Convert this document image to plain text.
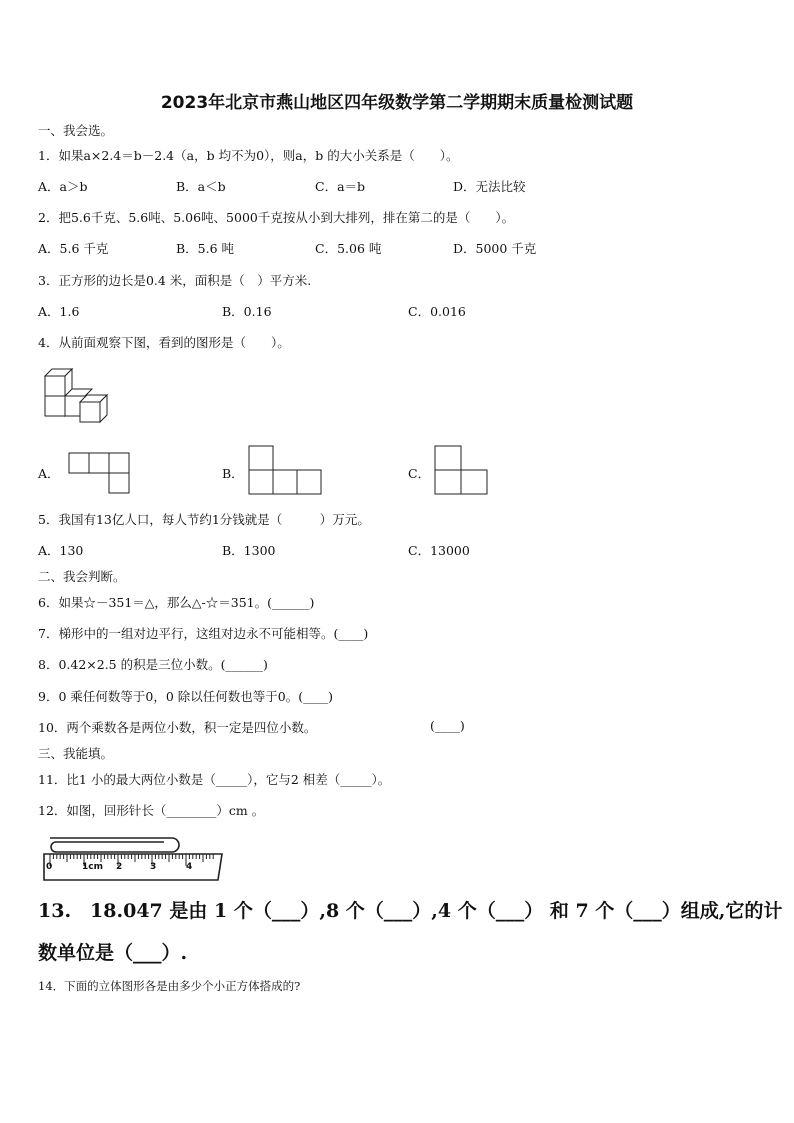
2023年北京市燕山地区四年级数学第二学期期末质量检测试题
一、我会选。
1．如果a×2.4＝b－2.4（a，b 均不为0），则a，b 的大小关系是（　　）。
A．a＞b	B．a＜b	C．a＝b	D．无法比较
2．把5.6千克、5.6吨、5.06吨、5000千克按从小到大排列，排在第二的是（　　）。
A．5.6 千克	B．5.6 吨	C．5.06 吨	D．5000 千克
3．正方形的边长是0.4 米，面积是（　）平方米.
A．1.6	B．0.16	C．0.016
4．从前面观察下图，看到的图形是（　　）。
A．	B．	C．
5．我国有13亿人口，每人节约1分钱就是（　　　）万元。
A．130	B．1300	C．13000
二、我会判断。
6．如果☆－351＝△，那么△-☆＝351。(______)
7．梯形中的一组对边平行，这组对边永不可能相等。(____)
8．0.42×2.5 的积是三位小数。(______)
9．0 乘任何数等于0，0 除以任何数也等于0。(____)
10．两个乘数各是两位小数，积一定是四位小数。	(____)
三、我能填。
11．比1 小的最大两位小数是（_____），它与2 相差（_____）。
12．如图，回形针长（________）cm 。
0	1cm 2	3	4
13.　18.047 是由 1 个（___）,8 个（___）,4 个（___） 和 7 个（___）组成,它的计
数单位是（___）.
14．下面的立体图形各是由多少个小正方体搭成的?
